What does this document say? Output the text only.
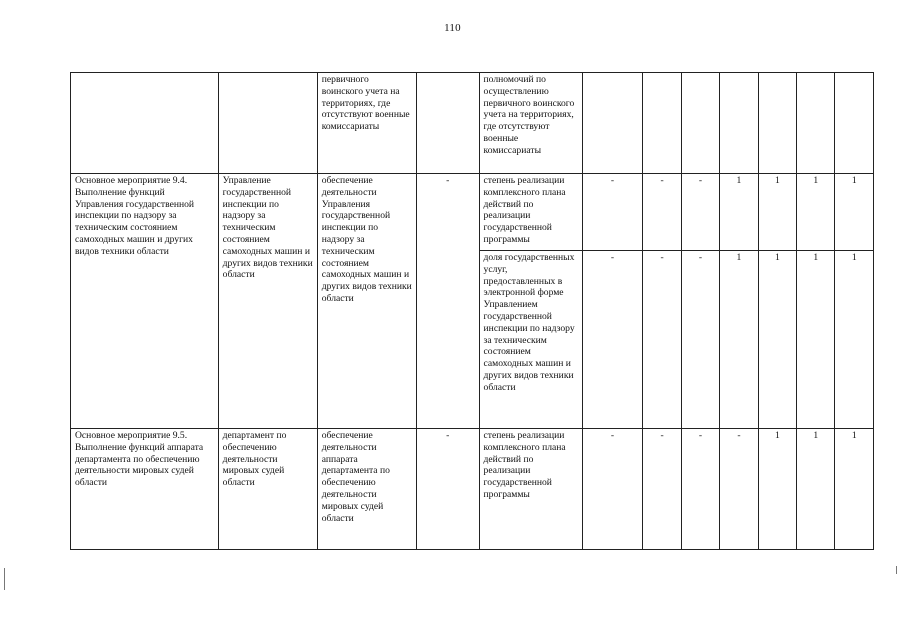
110
		первичного воинского учета на территориях, где отсутствуют военные комиссариаты		полномочий по осуществлению первичного воинского учета на территориях, где отсутствуют военные комиссариаты							
Основное мероприятие 9.4. Выполнение функций Управления государственной инспекции по надзору за техническим состоянием самоходных машин и других видов техники области	Управление государственной инспекции по надзору за техническим состоянием самоходных машин и других видов техники области	обеспечение деятельности Управления государственной инспекции по надзору за техническим состоянием самоходных машин и других видов техники области	-	степень реализации комплексного плана действий по реализации государственной программы	-	-	-	1	1	1	1
				доля государственных услуг, предоставленных в электронной форме Управлением государственной инспекции по надзору за техническим состоянием самоходных машин и других видов техники области	-	-	-	1	1	1	1
Основное мероприятие 9.5. Выполнение функций аппарата департамента по обеспечению деятельности мировых судей области	департамент по обеспечению деятельности мировых судей области	обеспечение деятельности аппарата департамента по обеспечению деятельности мировых судей области	-	степень реализации комплексного плана действий по реализации государственной программы	-	-	-	-	1	1	1
